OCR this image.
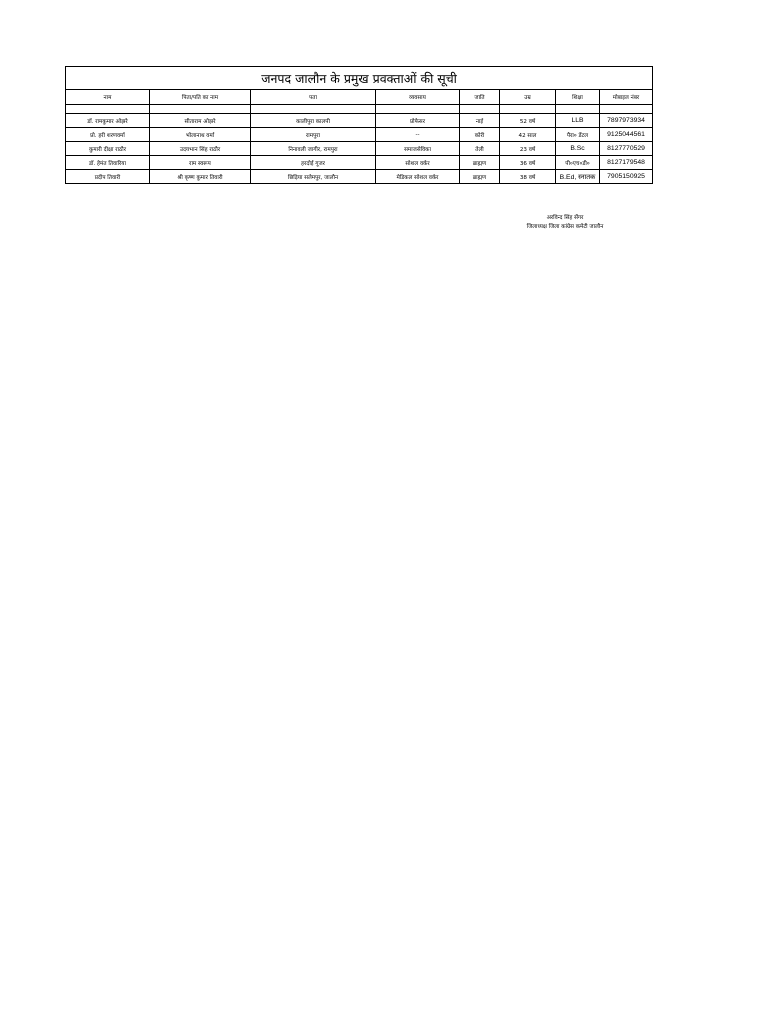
जनपद जालौन के प्रमुख प्रवक्ताओं की सूची							
नाम	पिता/पति का नाम	पता	व्यवसाय	जाति	उम्र	शिक्षा	मोबाइल नंबर

डॉ. रामकुमार ओझरे	सीताराम ओझरे	कालीपुरा कालपी	प्रोफेसर	नाई	52 वर्ष	LLB	7897973934
प्रो. हरी शरणवर्मा	भोलानाथ वर्मा	रामपुरा	--	कोरी	42 साल	पैरा० डेंटल	9125044561
कुमारी दीक्षा राठौर	उदयभान सिंह राठौर	निनावली जागीर, रामपुरा	समाजसेविका	तेली	23 वर्ष	B.Sc	8127770529
डॉ. हेमंत तिवारिया	राम स्वरूप	हरदोई गूजर	सोशल वर्कर	ब्राह्मण	36 वर्ष	पी०एच०डी०	8127179548
प्रदीप तिवारी	श्री कृष्ण कुमार तिवारी	छिड़िया सलेमपुर, जालौन	मेडिकल सोशल वर्कर	ब्राह्मण	38 वर्ष	B.Ed, स्नातक	7905150925
अरविन्द सिंह सेंगर
जिलाध्यक्ष जिला कांग्रेस कमेटी जालौन
